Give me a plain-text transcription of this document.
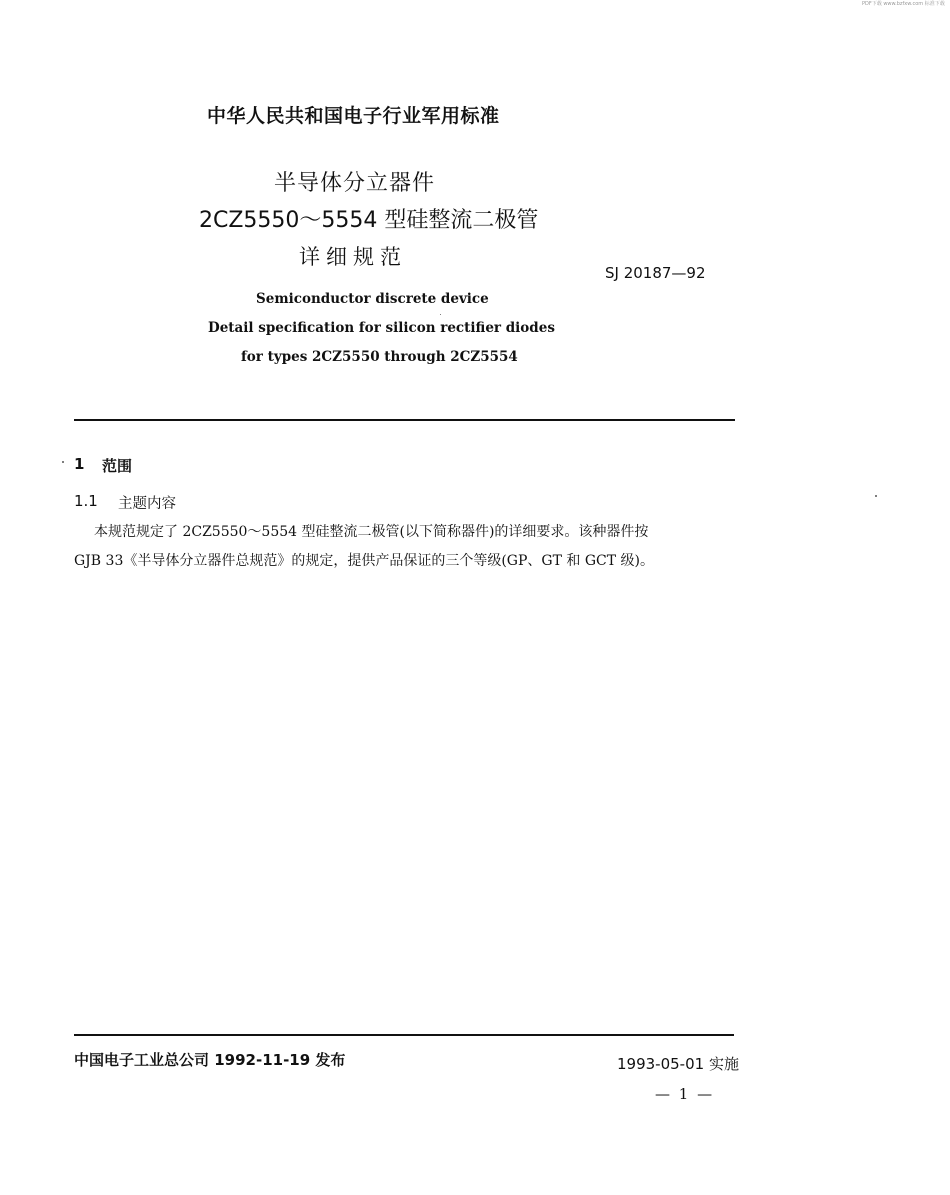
PDF下载 www.bzfxw.com 标准下载
中华人民共和国电子行业军用标准
半导体分立器件
2CZ5550～5554 型硅整流二极管
详细规范
SJ 20187—92
Semiconductor discrete device
Detail specification for silicon rectifier diodes
for types 2CZ5550 through 2CZ5554
1 范围
1.1 主题内容
本规范规定了 2CZ5550～5554 型硅整流二极管(以下简称器件)的详细要求。该种器件按
GJB 33《半导体分立器件总规范》的规定，提供产品保证的三个等级(GP、GT 和 GCT 级)。
中国电子工业总公司 1992-11-19 发布	1993-05-01 实施
— 1 —
